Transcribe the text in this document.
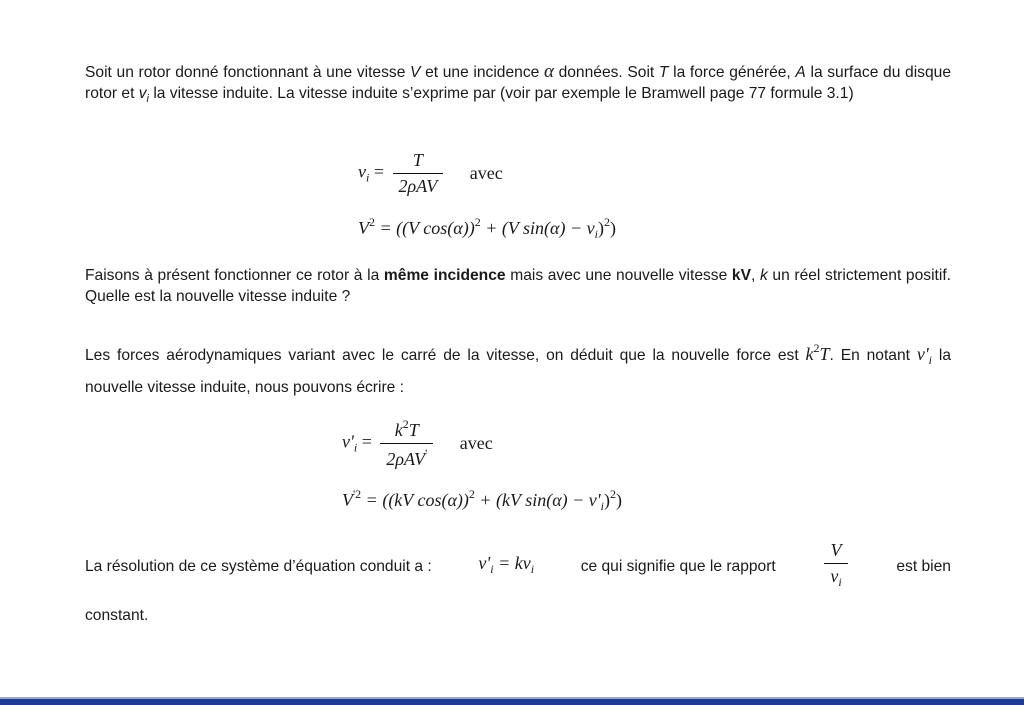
Soit un rotor donné fonctionnant à une vitesse V et une incidence α données. Soit T la force générée, A la surface du disque rotor et $v_i$ la vitesse induite. La vitesse induite s’exprime par (voir par exemple le Bramwell page 77 formule 3.1)

$v_i = \frac{T}{\text{2ρAV}}$ avec
$V^2 = ((V$ cos(α))$^2$ + (V $\sin(\alpha) - v_i)^2$)

Faisons à présent fonctionner ce rotor à la même incidence mais avec une nouvelle vitesse kV, k un réel strictement positif. Quelle est la nouvelle vitesse induite ?

Les forces aérodynamiques variant avec le carré de la vitesse, on déduit que la nouvelle force est $k^2T$. En notant $v'_i$ la nouvelle vitesse induite, nous pouvons écrire :

$v'_i = \frac{k^2T}{2\rho AV'}$ avec
$V^{'2} = ((kV$ cos(α))$^2$ + (kV $\sin(\alpha) - v'_i)^2$)
La résolution de ce système d’équation conduit a :	$v'_i = kv_i$	ce qui signifie que le rapport	$\frac{V}{v_i}$	est bien
constant.
